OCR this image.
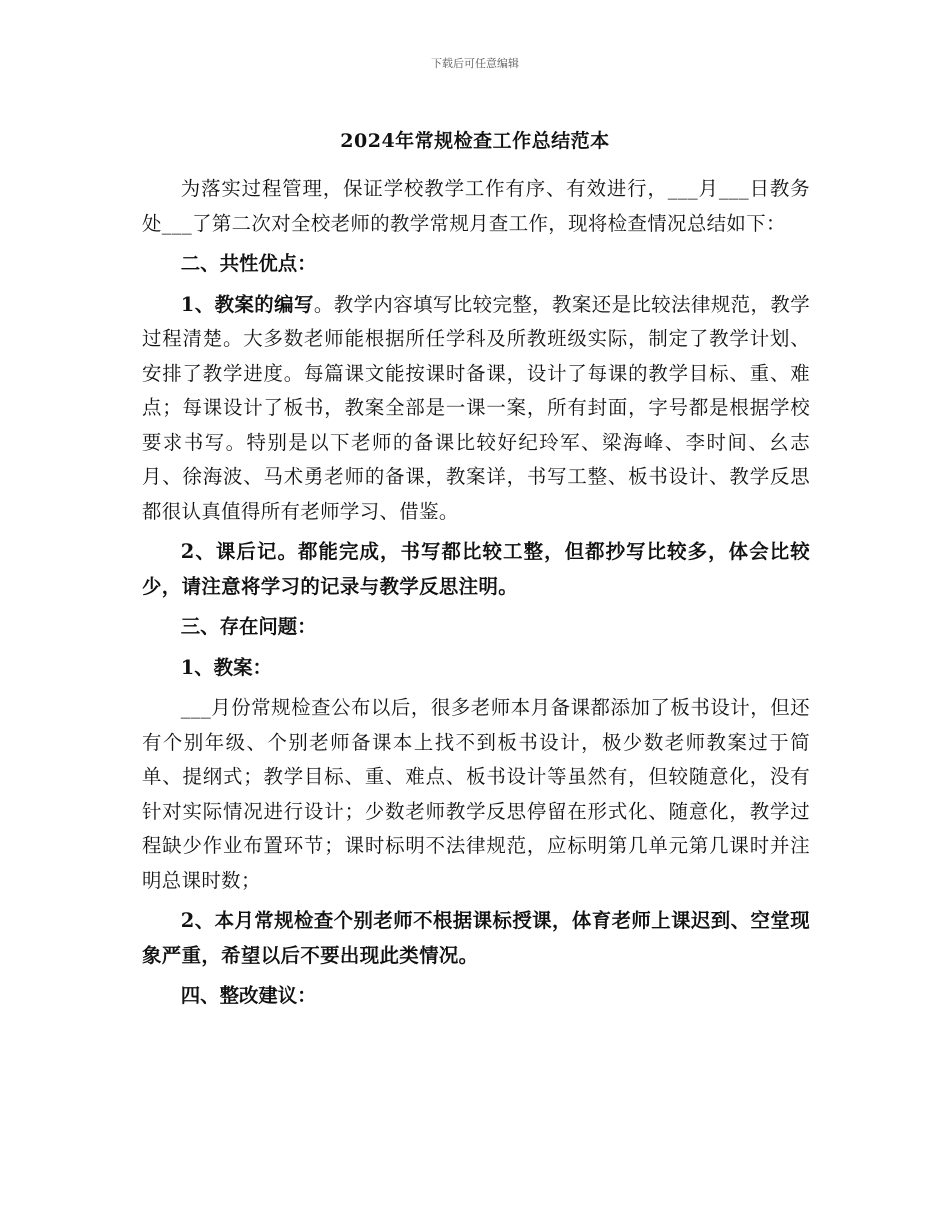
下载后可任意编辑
2024年常规检查工作总结范本

为落实过程管理，保证学校教学工作有序、有效进行，___月___日教务处___了第二次对全校老师的教学常规月查工作，现将检查情况总结如下：

二、共性优点：

1、教案的编写。教学内容填写比较完整，教案还是比较法律规范，教学过程清楚。大多数老师能根据所任学科及所教班级实际，制定了教学计划、安排了教学进度。每篇课文能按课时备课，设计了每课的教学目标、重、难点；每课设计了板书，教案全部是一课一案，所有封面，字号都是根据学校要求书写。特别是以下老师的备课比较好纪玲军、梁海峰、李时间、幺志月、徐海波、马术勇老师的备课，教案详，书写工整、板书设计、教学反思都很认真值得所有老师学习、借鉴。

2、课后记。都能完成，书写都比较工整，但都抄写比较多，体会比较少，请注意将学习的记录与教学反思注明。

三、存在问题：

1、教案：

___月份常规检查公布以后，很多老师本月备课都添加了板书设计，但还有个别年级、个别老师备课本上找不到板书设计，极少数老师教案过于简单、提纲式；教学目标、重、难点、板书设计等虽然有，但较随意化，没有针对实际情况进行设计；少数老师教学反思停留在形式化、随意化，教学过程缺少作业布置环节；课时标明不法律规范，应标明第几单元第几课时并注明总课时数；

2、本月常规检查个别老师不根据课标授课，体育老师上课迟到、空堂现象严重，希望以后不要出现此类情况。

四、整改建议：
